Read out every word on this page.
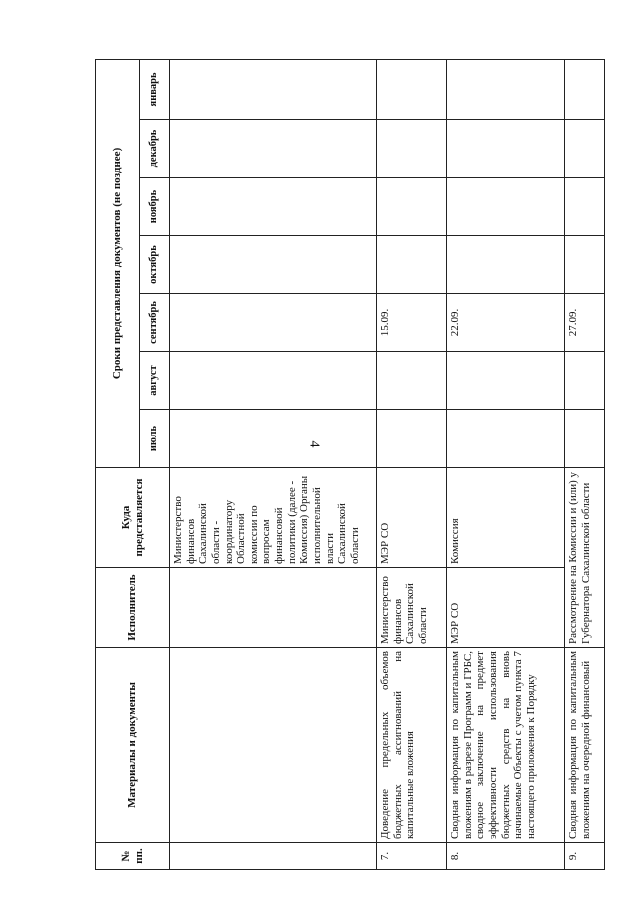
4
№ пп.	Материалы и документы	Исполнитель	Куда представляется	Сроки представления документов (не позднее)						
				июль	август	сентябрь	октябрь	ноябрь	декабрь	январь
			Министерство финансов Сахалинской области - координатору Областной комиссии по вопросам финансовой политики (далее - Комиссия) Органы исполнительной власти Сахалинской области							
7.	Доведение предельных объемов бюджетных ассигнований на капитальные вложения	Министерство финансов Сахалинской области	МЭР СО			15.09.				
8.	Сводная информация по капитальным вложениям в разрезе Программ и ГРБС, сводное заключение на предмет эффективности использования бюджетных средств на вновь начинаемые Объекты с учетом пункта 7 настоящего приложения к Порядку	МЭР СО	Комиссия			22.09.				
9.	Сводная информация по капитальным вложениям на очередной финансовый	Рассмотрение на Комиссии и (или) у Губернатора Сахалинской области				27.09.				
